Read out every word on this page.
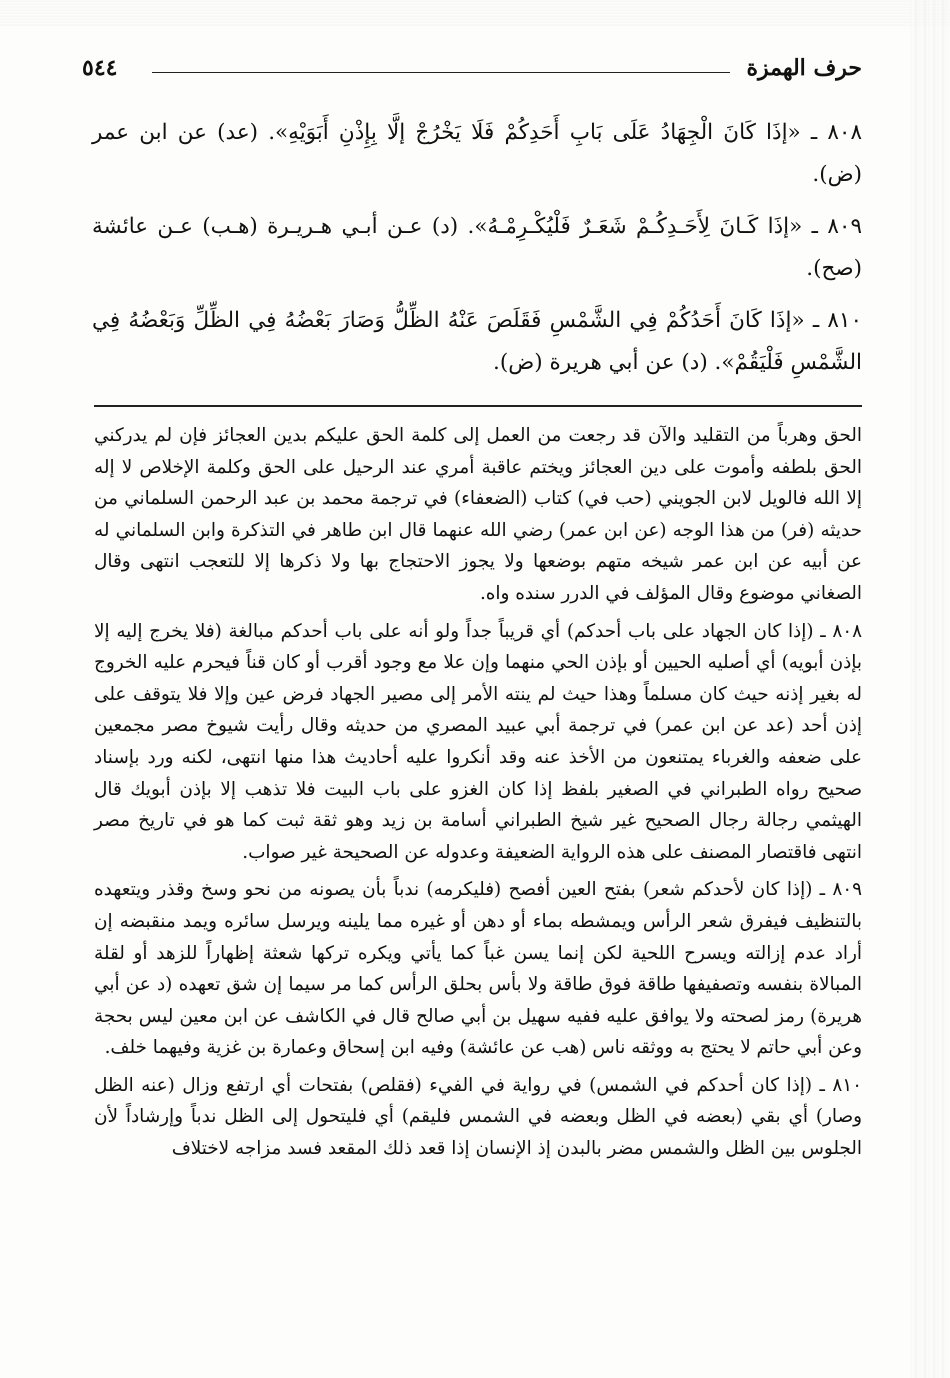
حرف الهمزة
٥٤٤

٨٠٨ ـ «إذَا كَانَ الْجِهَادُ عَلَى بَابِ أَحَدِكُمْ فَلَا يَخْرُجْ إلَّا بِإِذْنِ أَبَوَيْهِ». (عد) عن ابن عمر (ض).

٨٠٩ ـ «إذَا كَـانَ لِأَحَـدِكُـمْ شَعَـرٌ فَلْيُكْـرِمْـهُ». (د) عـن أبـي هـريـرة (هـب) عـن عائشة (صح).

٨١٠ ـ «إذَا كَانَ أَحَدُكُمْ فِي الشَّمْسِ فَقَلَصَ عَنْهُ الظِّلُّ وَصَارَ بَعْضُهُ فِي الظِّلِّ وَبَعْضُهُ فِي الشَّمْسِ فَلْيَقُمْ». (د) عن أبي هريرة (ض).

الحق وهرباً من التقليد والآن قد رجعت من العمل إلى كلمة الحق عليكم بدين العجائز فإن لم يدركني الحق بلطفه وأموت على دين العجائز ويختم عاقبة أمري عند الرحيل على الحق وكلمة الإخلاص لا إله إلا الله فالويل لابن الجويني (حب في) كتاب (الضعفاء) في ترجمة محمد بن عبد الرحمن السلماني من حديثه (فر) من هذا الوجه (عن ابن عمر) رضي الله عنهما قال ابن طاهر في التذكرة وابن السلماني له عن أبيه عن ابن عمر شيخه متهم بوضعها ولا يجوز الاحتجاج بها ولا ذكرها إلا للتعجب انتهى وقال الصغاني موضوع وقال المؤلف في الدرر سنده واه.

٨٠٨ ـ (إذا كان الجهاد على باب أحدكم) أي قريباً جداً ولو أنه على باب أحدكم مبالغة (فلا يخرج إليه إلا بإذن أبويه) أي أصليه الحيين أو بإذن الحي منهما وإن علا مع وجود أقرب أو كان قناً فيحرم عليه الخروج له بغير إذنه حيث كان مسلماً وهذا حيث لم ينته الأمر إلى مصير الجهاد فرض عين وإلا فلا يتوقف على إذن أحد (عد عن ابن عمر) في ترجمة أبي عبيد المصري من حديثه وقال رأيت شيوخ مصر مجمعين على ضعفه والغرباء يمتنعون من الأخذ عنه وقد أنكروا عليه أحاديث هذا منها انتهى، لكنه ورد بإسناد صحيح رواه الطبراني في الصغير بلفظ إذا كان الغزو على باب البيت فلا تذهب إلا بإذن أبويك قال الهيثمي رجالة رجال الصحيح غير شيخ الطبراني أسامة بن زيد وهو ثقة ثبت كما هو في تاريخ مصر انتهى فاقتصار المصنف على هذه الرواية الضعيفة وعدوله عن الصحيحة غير صواب.

٨٠٩ ـ (إذا كان لأحدكم شعر) بفتح العين أفصح (فليكرمه) ندباً بأن يصونه من نحو وسخ وقذر ويتعهده بالتنظيف فيفرق شعر الرأس ويمشطه بماء أو دهن أو غيره مما يلينه ويرسل سائره ويمد منقبضه إن أراد عدم إزالته ويسرح اللحية لكن إنما يسن غباً كما يأتي ويكره تركها شعثة إظهاراً للزهد أو لقلة المبالاة بنفسه وتصفيفها طاقة فوق طاقة ولا بأس بحلق الرأس كما مر سيما إن شق تعهده (د عن أبي هريرة) رمز لصحته ولا يوافق عليه ففيه سهيل بن أبي صالح قال في الكاشف عن ابن معين ليس بحجة وعن أبي حاتم لا يحتج به ووثقه ناس (هب عن عائشة) وفيه ابن إسحاق وعمارة بن غزية وفيهما خلف.

٨١٠ ـ (إذا كان أحدكم في الشمس) في رواية في الفيء (فقلص) بفتحات أي ارتفع وزال (عنه الظل وصار) أي بقي (بعضه في الظل وبعضه في الشمس فليقم) أي فليتحول إلى الظل ندباً وإرشاداً لأن الجلوس بين الظل والشمس مضر بالبدن إذ الإنسان إذا قعد ذلك المقعد فسد مزاجه لاختلاف
